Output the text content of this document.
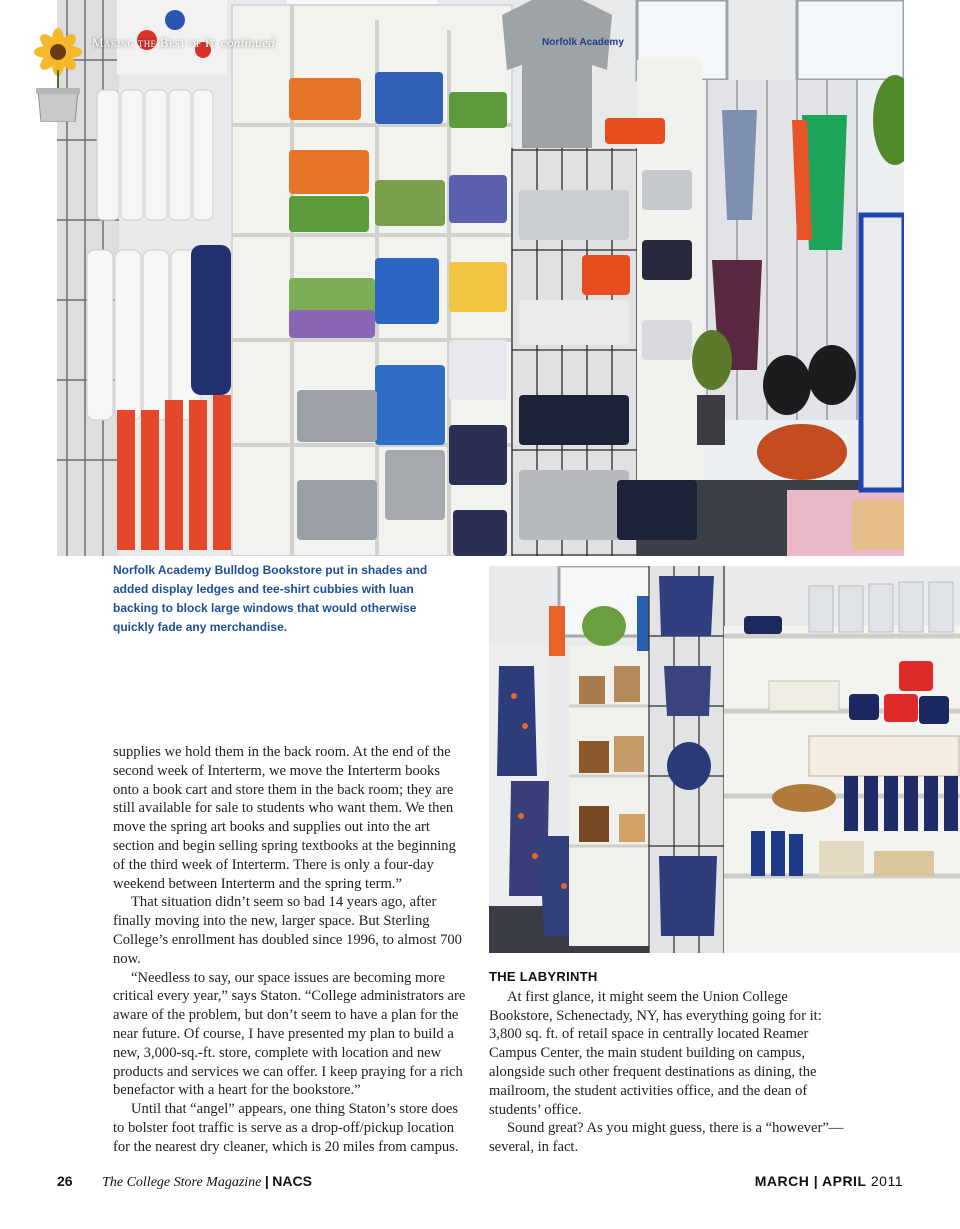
Norfolk Academy
Making the Best of It continued
Norfolk Academy Bulldog Bookstore put in shades and added display ledges and tee-shirt cubbies with luan backing to block large windows that would otherwise quickly fade any merchandise.

supplies we hold them in the back room. At the end of the second week of Interterm, we move the Interterm books onto a book cart and store them in the back room; they are still available for sale to students who want them. We then move the spring art books and supplies out into the art section and begin selling spring textbooks at the beginning of the third week of Interterm. There is only a four-day weekend between Interterm and the spring term.”

That situation didn’t seem so bad 14 years ago, after finally moving into the new, larger space. But Sterling College’s enrollment has doubled since 1996, to almost 700 now.

“Needless to say, our space issues are becoming more critical every year,” says Staton. “College administrators are aware of the problem, but don’t seem to have a plan for the near future. Of course, I have presented my plan to build a new, 3,000-sq.-ft. store, complete with location and new products and services we can offer. I keep praying for a rich benefactor with a heart for the bookstore.”

Until that “angel” appears, one thing Staton’s store does to bolster foot traffic is serve as a drop-off/pickup location for the nearest dry cleaner, which is 20 miles from campus.

THE LABYRINTH

At first glance, it might seem the Union College Bookstore, Schenectady, NY, has everything going for it: 3,800 sq. ft. of retail space in centrally located Reamer Campus Center, the main student building on campus, alongside such other frequent destinations as dining, the mailroom, the student activities office, and the dean of students’ office.

Sound great? As you might guess, there is a “however”—several, in fact.

26 The College Store Magazine | NACS	MARCH | APRIL 2011
